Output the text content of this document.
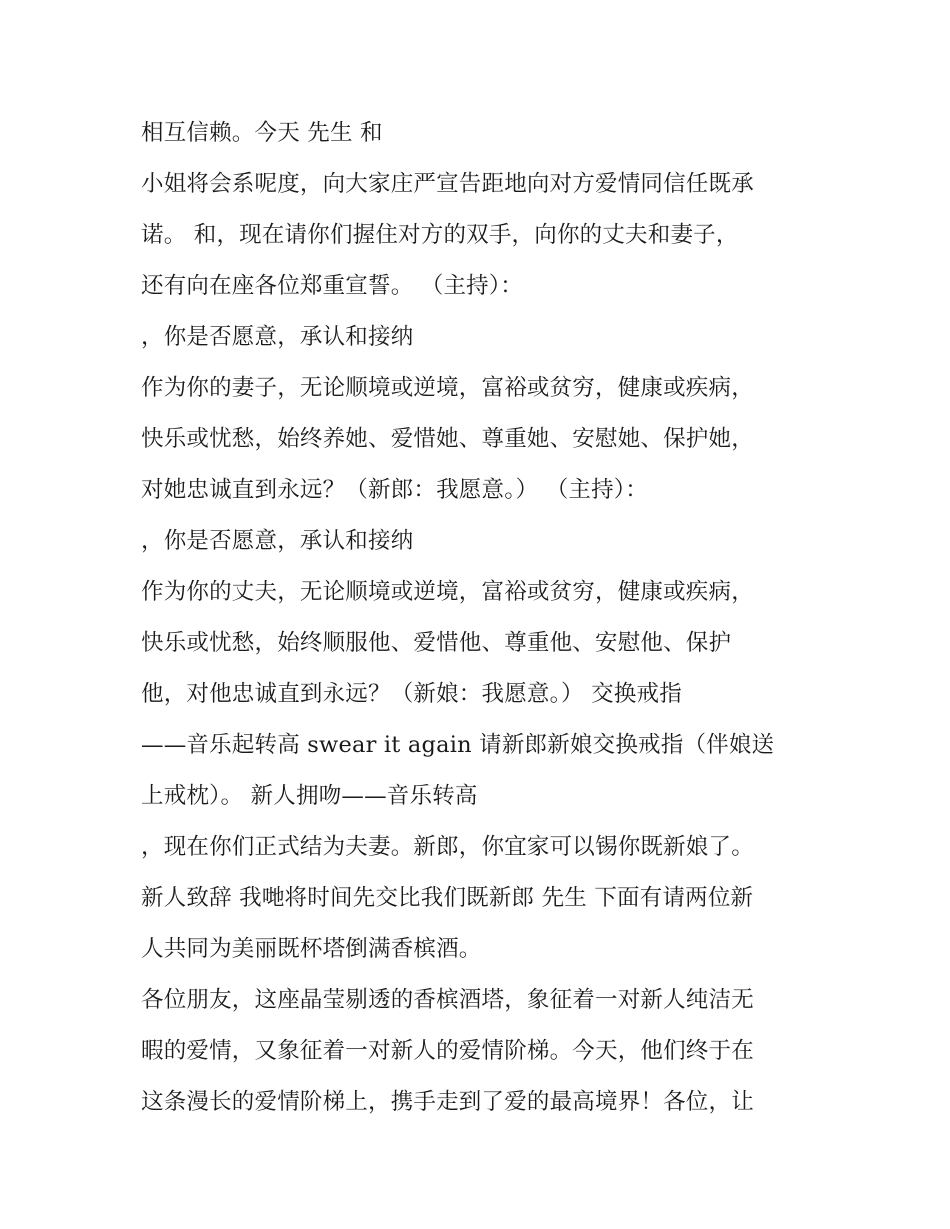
相互信赖。今天 先生 和
小姐将会系呢度，向大家庄严宣告距地向对方爱情同信任既承
诺。 和，现在请你们握住对方的双手，向你的丈夫和妻子，
还有向在座各位郑重宣誓。 （主持）：
，你是否愿意，承认和接纳
作为你的妻子，无论顺境或逆境，富裕或贫穷，健康或疾病，
快乐或忧愁，始终养她、爱惜她、尊重她、安慰她、保护她，
对她忠诚直到永远？（新郎：我愿意。） （主持）：
，你是否愿意，承认和接纳
作为你的丈夫，无论顺境或逆境，富裕或贫穷，健康或疾病，
快乐或忧愁，始终顺服他、爱惜他、尊重他、安慰他、保护
他，对他忠诚直到永远？（新娘：我愿意。） 交换戒指
——音乐起转高 swear it again 请新郎新娘交换戒指（伴娘送
上戒枕）。 新人拥吻——音乐转高
，现在你们正式结为夫妻。新郎，你宜家可以锡你既新娘了。
新人致辞 我哋将时间先交比我们既新郎 先生 下面有请两位新
人共同为美丽既杯塔倒满香槟酒。
各位朋友，这座晶莹剔透的香槟酒塔，象征着一对新人纯洁无
暇的爱情，又象征着一对新人的爱情阶梯。今天，他们终于在
这条漫长的爱情阶梯上，携手走到了爱的最高境界！各位，让
